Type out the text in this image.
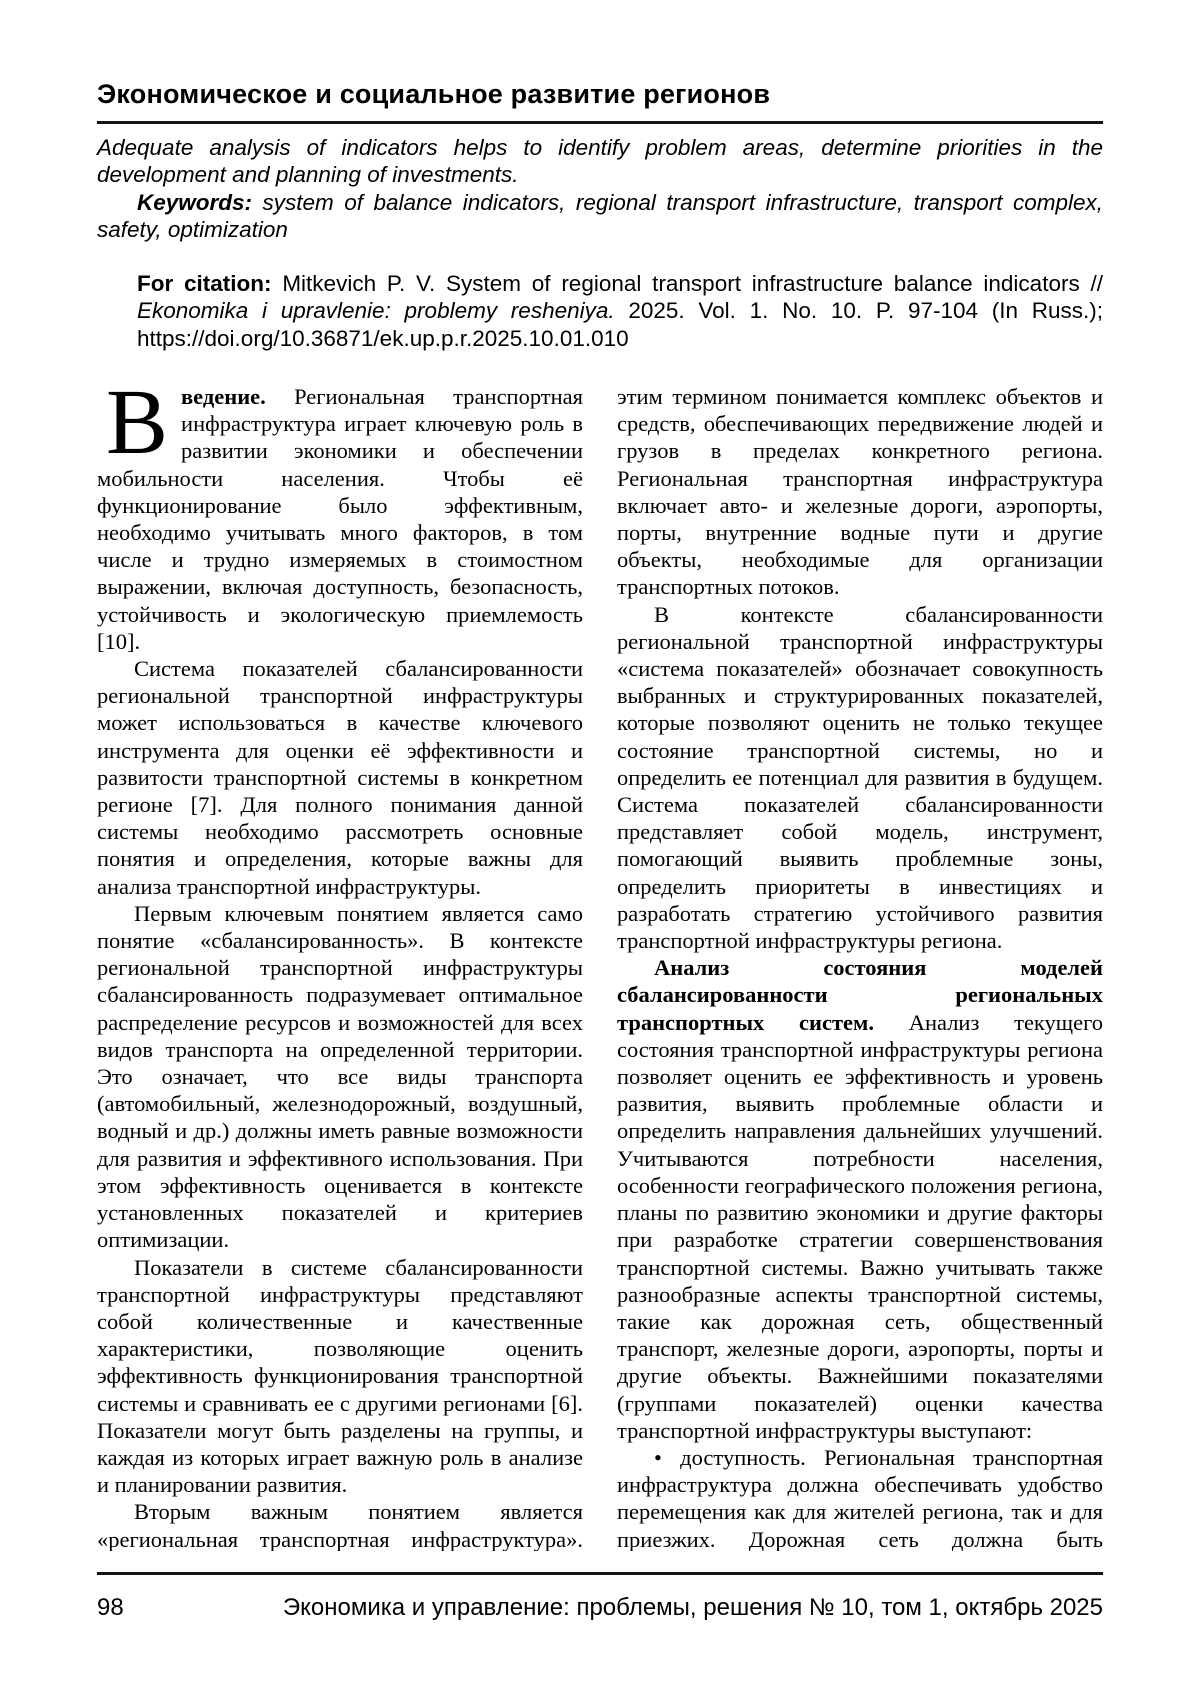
Экономическое и социальное развитие регионов

Adequate analysis of indicators helps to identify problem areas, determine priorities in the development and planning of investments.

Keywords: system of balance indicators, regional transport infrastructure, transport complex, safety, optimization

For citation: Mitkevich P. V. System of regional transport infrastructure balance indicators // Ekonomika i upravlenie: problemy resheniya. 2025. Vol. 1. No. 10. P. 97-104 (In Russ.); https://doi.org/10.36871/ek.up.p.r.2025.10.01.010

Введение. Региональная транспортная инфраструктура играет ключевую роль в развитии экономики и обеспечении мобильности населения. Чтобы её функционирование было эффективным, необходимо учитывать много факторов, в том числе и трудно измеряемых в стоимостном выражении, включая доступность, безопасность, устойчивость и экологическую приемлемость [10].

Система показателей сбалансированности региональной транспортной инфраструктуры может использоваться в качестве ключевого инструмента для оценки её эффективности и развитости транспортной системы в конкретном регионе [7]. Для полного понимания данной системы необходимо рассмотреть основные понятия и определения, которые важны для анализа транспортной инфраструктуры.

Первым ключевым понятием является само понятие «сбалансированность». В контексте региональной транспортной инфраструктуры сбалансированность подразумевает оптимальное распределение ресурсов и возможностей для всех видов транспорта на определенной территории. Это означает, что все виды транспорта (автомобильный, железнодорожный, воздушный, водный и др.) должны иметь равные возможности для развития и эффективного использования. При этом эффективность оценивается в контексте установленных показателей и критериев оптимизации.

Показатели в системе сбалансированности транспортной инфраструктуры представляют собой количественные и качественные характеристики, позволяющие оценить эффективность функционирования транспортной системы и сравнивать ее с другими регионами [6]. Показатели могут быть разделены на группы, и каждая из которых играет важную роль в анализе и планировании развития.

Вторым важным понятием является «региональная транспортная инфраструктура».

этим термином понимается комплекс объектов и средств, обеспечивающих передвижение людей и грузов в пределах конкретного региона. Региональная транспортная инфраструктура включает авто- и железные дороги, аэропорты, порты, внутренние водные пути и другие объекты, необходимые для организации транспортных потоков.

В контексте сбалансированности региональной транспортной инфраструктуры «система показателей» обозначает совокупность выбранных и структурированных показателей, которые позволяют оценить не только текущее состояние транспортной системы, но и определить ее потенциал для развития в будущем. Система показателей сбалансированности представляет собой модель, инструмент, помогающий выявить проблемные зоны, определить приоритеты в инвестициях и разработать стратегию устойчивого развития транспортной инфраструктуры региона.

Анализ состояния моделей сбалансированности региональных транспортных систем. Анализ текущего состояния транспортной инфраструктуры региона позволяет оценить ее эффективность и уровень развития, выявить проблемные области и определить направления дальнейших улучшений. Учитываются потребности населения, особенности географического положения региона, планы по развитию экономики и другие факторы при разработке стратегии совершенствования транспортной системы. Важно учитывать также разнообразные аспекты транспортной системы, такие как дорожная сеть, общественный транспорт, железные дороги, аэропорты, порты и другие объекты. Важнейшими показателями (группами показателей) оценки качества транспортной инфраструктуры выступают:

• доступность. Региональная транспортная инфраструктура должна обеспечивать удобство перемещения как для жителей региона, так и для приезжих. Дорожная сеть должна быть

98	Экономика и управление: проблемы, решения № 10, том 1, октябрь 2025
